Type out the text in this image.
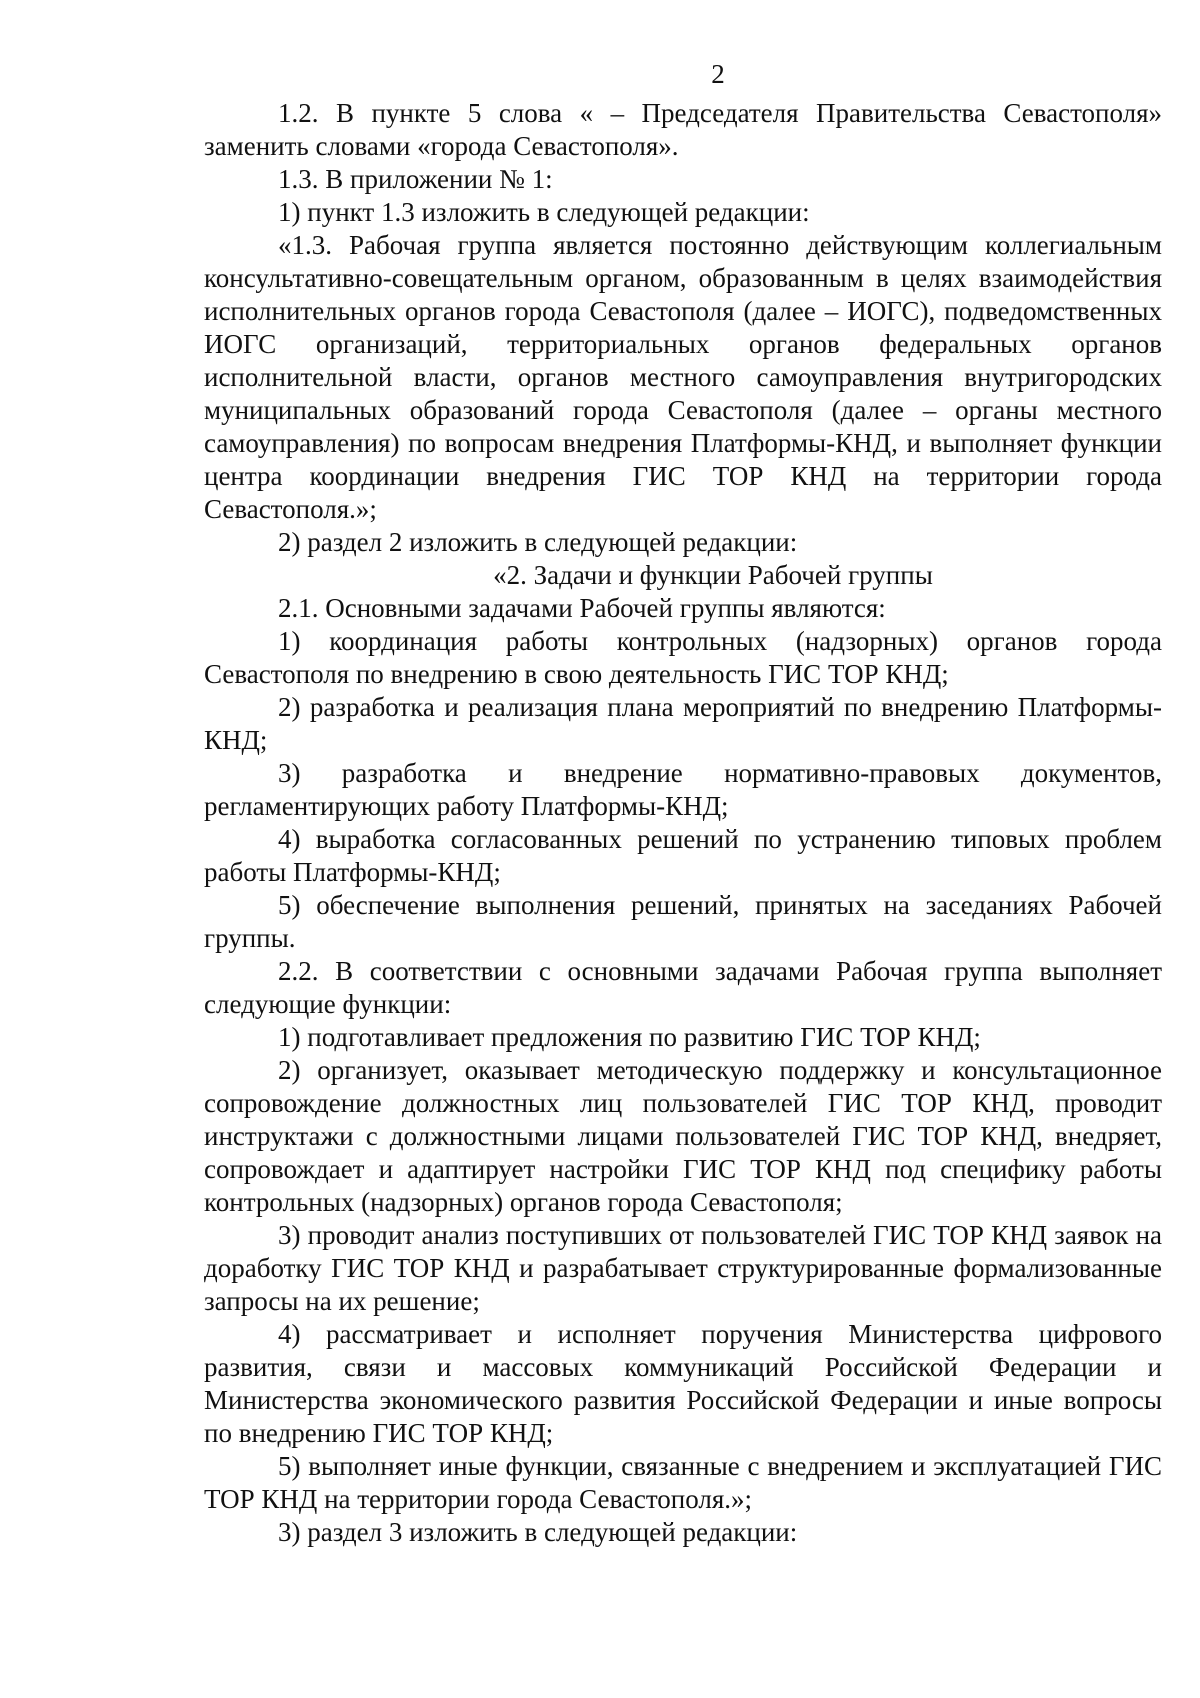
2

1.2. В пункте 5 слова « – Председателя Правительства Севастополя» заменить словами «города Севастополя».

1.3. В приложении № 1:

1) пункт 1.3 изложить в следующей редакции:

«1.3. Рабочая группа является постоянно действующим коллегиальным консультативно-совещательным органом, образованным в целях взаимодействия исполнительных органов города Севастополя (далее – ИОГС), подведомственных ИОГС организаций, территориальных органов федеральных органов исполнительной власти, органов местного самоуправления внутригородских муниципальных образований города Севастополя (далее – органы местного самоуправления) по вопросам внедрения Платформы-КНД, и выполняет функции центра координации внедрения ГИС ТОР КНД на территории города Севастополя.»;

2) раздел 2 изложить в следующей редакции:

«2. Задачи и функции Рабочей группы

2.1. Основными задачами Рабочей группы являются:

1) координация работы контрольных (надзорных) органов города Севастополя по внедрению в свою деятельность ГИС ТОР КНД;

2) разработка и реализация плана мероприятий по внедрению Платформы-КНД;

3) разработка и внедрение нормативно-правовых документов, регламентирующих работу Платформы-КНД;

4) выработка согласованных решений по устранению типовых проблем работы Платформы-КНД;

5) обеспечение выполнения решений, принятых на заседаниях Рабочей группы.

2.2. В соответствии с основными задачами Рабочая группа выполняет следующие функции:

1) подготавливает предложения по развитию ГИС ТОР КНД;

2) организует, оказывает методическую поддержку и консультационное сопровождение должностных лиц пользователей ГИС ТОР КНД, проводит инструктажи с должностными лицами пользователей ГИС ТОР КНД, внедряет, сопровождает и адаптирует настройки ГИС ТОР КНД под специфику работы контрольных (надзорных) органов города Севастополя;

3) проводит анализ поступивших от пользователей ГИС ТОР КНД заявок на доработку ГИС ТОР КНД и разрабатывает структурированные формализованные запросы на их решение;

4) рассматривает и исполняет поручения Министерства цифрового развития, связи и массовых коммуникаций Российской Федерации и Министерства экономического развития Российской Федерации и иные вопросы по внедрению ГИС ТОР КНД;

5) выполняет иные функции, связанные с внедрением и эксплуатацией ГИС ТОР КНД на территории города Севастополя.»;

3) раздел 3 изложить в следующей редакции:
